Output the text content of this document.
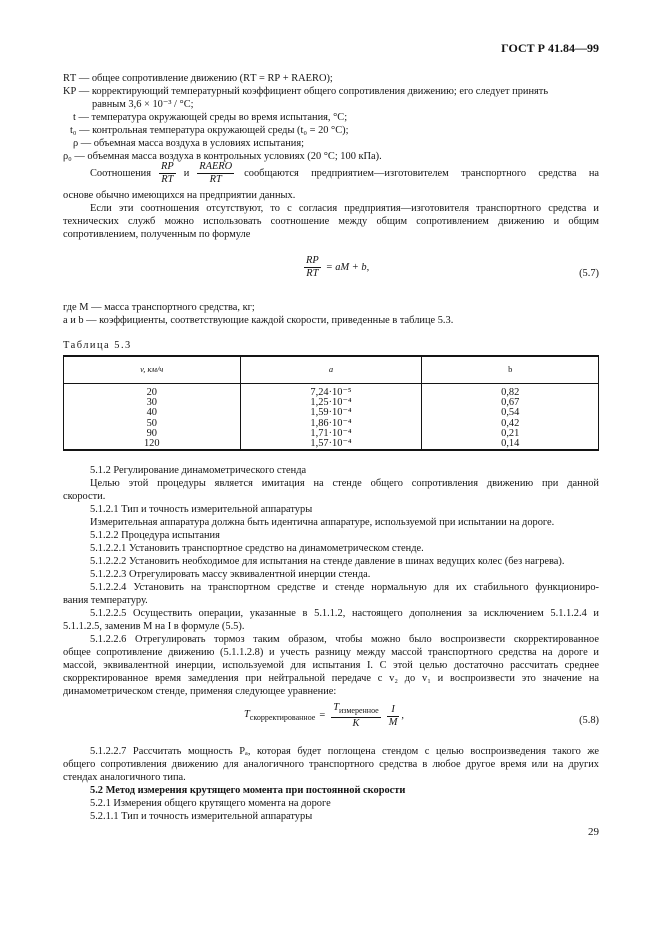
ГОСТ Р 41.84—99
RТ — общее сопротивление движению (RТ = RР + RАЕRО);
KР — корректирующий температурный коэффициент общего сопротивления движению; его следует принять
равным 3,6 × 10⁻³ / °С;
t — температура окружающей среды во время испытания, °С;
t₀ — контрольная температура окружающей среды (t₀ = 20 °С);
ρ — объемная масса воздуха в условиях испытания;
ρ₀ — объемная масса воздуха в контрольных условиях (20 °С; 100 кПа).
Соотношения $\frac{RР}{RТ}$ и $\frac{\text{RАЕRО}}{RТ}$ сообщаются предприятием—изготовителем транспортного средства на
основе обычно имеющихся на предприятии данных.
Если эти соотношения отсутствуют, то с согласия предприятия—изготовителя транспортного средства и
технических служб можно использовать соотношение между общим сопротивлением движению и общим
сопротивлением, полученным по формуле
$\frac{RР}{RТ}$ = aM + b,
(5.7)
где M — масса транспортного средства, кг;
a и b — коэффициенты, соответствующие каждой скорости, приведенные в таблице 5.3.
Таблица 5.3
v, км/ч	a	b
20	7,24·10⁻⁵	0,82
30	1,25·10⁻⁴	0,67
40	1,59·10⁻⁴	0,54
50	1,86·10⁻⁴	0,42
90	1,71·10⁻⁴	0,21
120	1,57·10⁻⁴	0,14
5.1.2 Регулирование динамометрического стенда
Целью этой процедуры является имитация на стенде общего сопротивления движению при данной
скорости.
5.1.2.1 Тип и точность измерительной аппаратуры
Измерительная аппаратура должна быть идентична аппаратуре, используемой при испытании на дороге.
5.1.2.2 Процедура испытания
5.1.2.2.1 Установить транспортное средство на динамометрическом стенде.
5.1.2.2.2 Установить необходимое для испытания на стенде давление в шинах ведущих колес (без нагрева).
5.1.2.2.3 Отрегулировать массу эквивалентной инерции стенда.
5.1.2.2.4 Установить на транспортном средстве и стенде нормальную для их стабильного функциониро-
вания температуру.
5.1.2.2.5 Осуществить операции, указанные в 5.1.1.2, настоящего дополнения за исключением 5.1.1.2.4 и
5.1.1.2.5, заменив M на I в формуле (5.5).
5.1.2.2.6 Отрегулировать тормоз таким образом, чтобы можно было воспроизвести скорректированное
общее сопротивление движению (5.1.1.2.8) и учесть разницу между массой транспортного средства на дороге и
массой, эквивалентной инерции, используемой для испытания I. С этой целью достаточно рассчитать среднее
скорректированное время замедления при нейтральной передаче с v₂ до v₁ и воспроизвести это значение на
динамометрическом стенде, применяя следующее уравнение:
$T_{скорректированное} = \frac{T_{измеренное}}{K} \frac{I}{M}$ ,	(5.8)
5.1.2.2.7 Рассчитать мощность Pₐ, которая будет поглощена стендом с целью воспроизведения такого же
общего сопротивления движению для аналогичного транспортного средства в любое другое время или на других
стендах аналогичного типа.
5.2 Метод измерения крутящего момента при постоянной скорости
5.2.1 Измерения общего крутящего момента на дороге
5.2.1.1 Тип и точность измерительной аппаратуры
29
